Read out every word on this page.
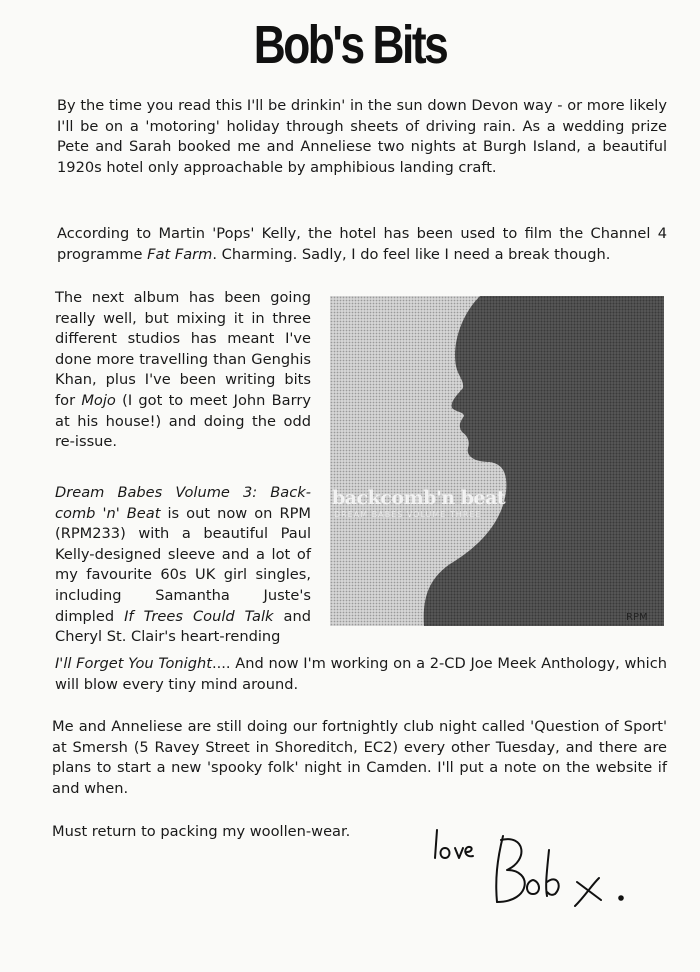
Bob's Bits

By the time you read this I'll be drinkin' in the sun down Devon way - or more likely I'll be on a 'motoring' holiday through sheets of driving rain. As a wedding prize Pete and Sarah booked me and Anneliese two nights at Burgh Island, a beautiful 1920s hotel only approachable by amphibious landing craft.

According to Martin 'Pops' Kelly, the hotel has been used to film the Channel 4 programme Fat Farm. Charming. Sadly, I do feel like I need a break though.

The next album has been going really well, but mixing it in three different studios has meant I've done more travelling than Genghis Khan, plus I've been writing bits for Mojo (I got to meet John Barry at his house!) and doing the odd re-issue.

backcomb'n beat
DREAM BABES VOLUME THREE
RPM

Dream Babes Volume 3: Back-comb 'n' Beat is out now on RPM (RPM233) with a beautiful Paul Kelly-designed sleeve and a lot of my favourite 60s UK girl singles, including Samantha Juste's dimpled If Trees Could Talk and Cheryl St. Clair's heart-rending

I'll Forget You Tonight.... And now I'm working on a 2-CD Joe Meek Anthology, which will blow every tiny mind around.

Me and Anneliese are still doing our fortnightly club night called 'Question of Sport' at Smersh (5 Ravey Street in Shoreditch, EC2) every other Tuesday, and there are plans to start a new 'spooky folk' night in Camden. I'll put a note on the website if and when.

Must return to packing my woollen-wear.
